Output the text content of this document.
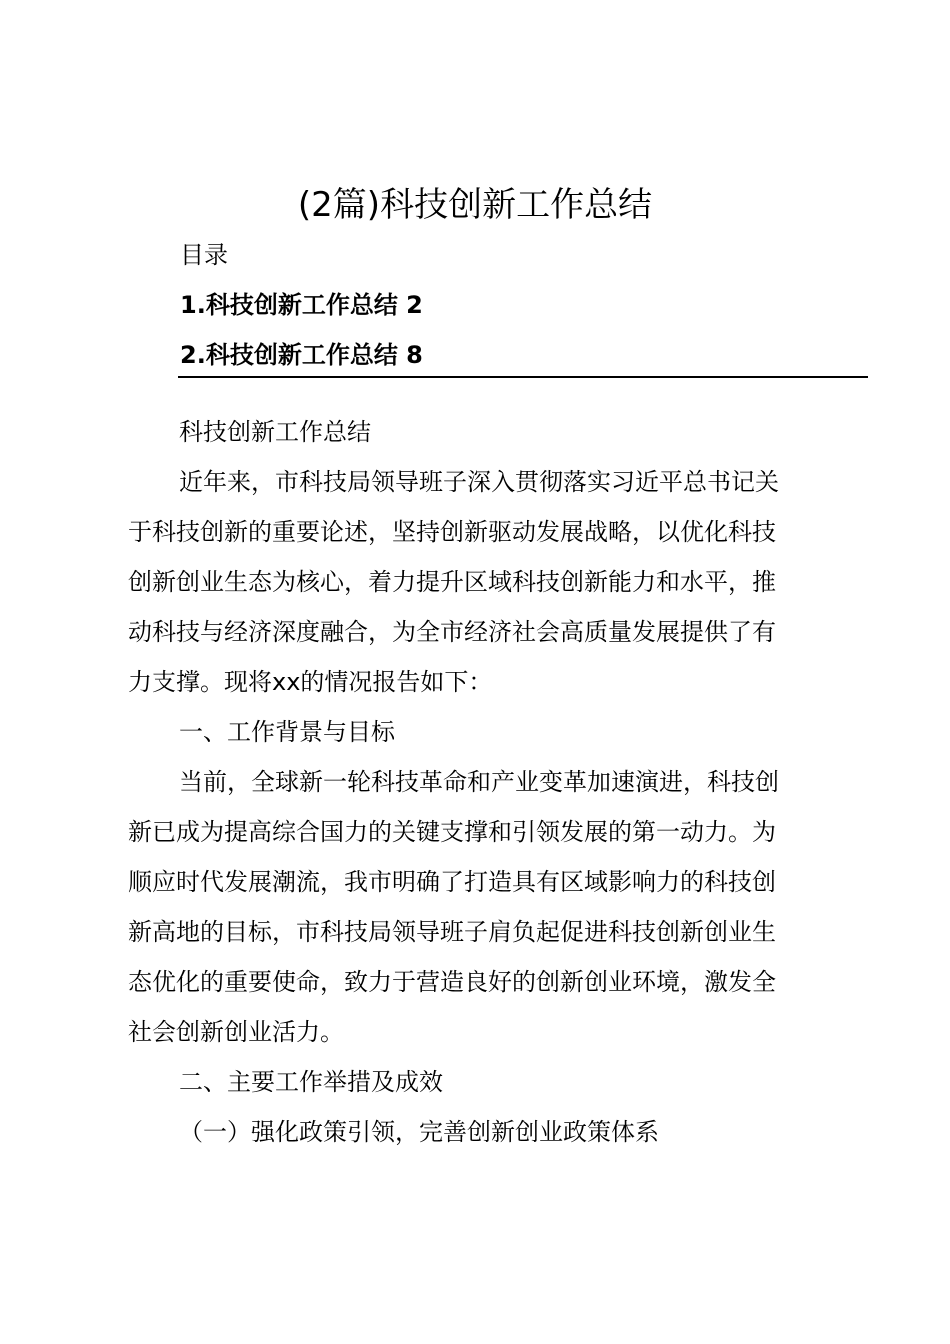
(2篇)科技创新工作总结
目录
1.科技创新工作总结 2
2.科技创新工作总结 8
科技创新工作总结
近年来，市科技局领导班子深入贯彻落实习近平总书记关
于科技创新的重要论述，坚持创新驱动发展战略，以优化科技
创新创业生态为核心，着力提升区域科技创新能力和水平，推
动科技与经济深度融合，为全市经济社会高质量发展提供了有
力支撑。现将xx的情况报告如下：
一、工作背景与目标
当前，全球新一轮科技革命和产业变革加速演进，科技创
新已成为提高综合国力的关键支撑和引领发展的第一动力。为
顺应时代发展潮流，我市明确了打造具有区域影响力的科技创
新高地的目标，市科技局领导班子肩负起促进科技创新创业生
态优化的重要使命，致力于营造良好的创新创业环境，激发全
社会创新创业活力。
二、主要工作举措及成效
（一）强化政策引领，完善创新创业政策体系
